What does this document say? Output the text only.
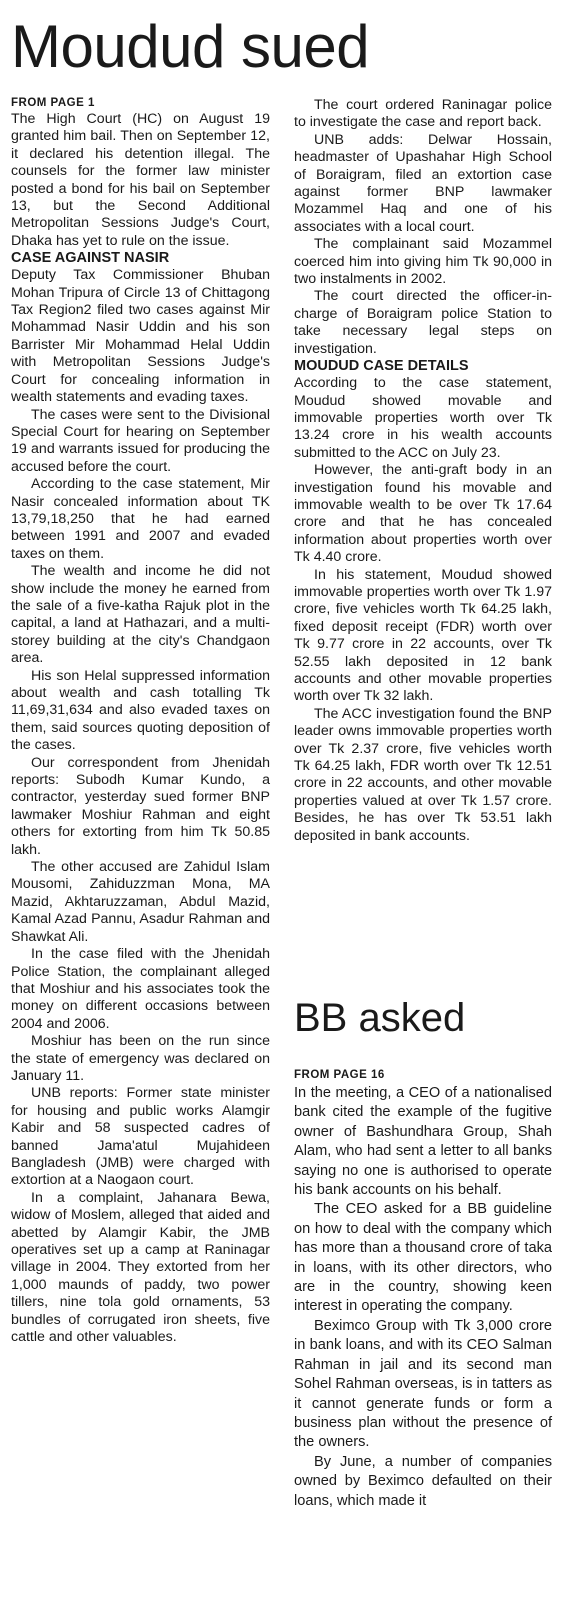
Moudud sued
FROM PAGE 1

The High Court (HC) on August 19 granted him bail. Then on September 12, it declared his detention illegal. The counsels for the former law minister posted a bond for his bail on September 13, but the Second Additional Metropolitan Sessions Judge's Court, Dhaka has yet to rule on the issue.

CASE AGAINST NASIR

Deputy Tax Commissioner Bhuban Mohan Tripura of Circle 13 of Chittagong Tax Region2 filed two cases against Mir Mohammad Nasir Uddin and his son Barrister Mir Mohammad Helal Uddin with Metropolitan Sessions Judge's Court for concealing information in wealth statements and evading taxes.

The cases were sent to the Divisional Special Court for hearing on September 19 and warrants issued for producing the accused before the court.

According to the case statement, Mir Nasir concealed information about TK 13,79,18,250 that he had earned between 1991 and 2007 and evaded taxes on them.

The wealth and income he did not show include the money he earned from the sale of a five-katha Rajuk plot in the capital, a land at Hathazari, and a multi-storey building at the city's Chandgaon area.

His son Helal suppressed information about wealth and cash totalling Tk 11,69,31,634 and also evaded taxes on them, said sources quoting deposition of the cases.

Our correspondent from Jhenidah reports: Subodh Kumar Kundo, a contractor, yesterday sued former BNP lawmaker Moshiur Rahman and eight others for extorting from him Tk 50.85 lakh.

The other accused are Zahidul Islam Mousomi, Zahiduzzman Mona, MA Mazid, Akhtaruzzaman, Abdul Mazid, Kamal Azad Pannu, Asadur Rahman and Shawkat Ali.

In the case filed with the Jhenidah Police Station, the complainant alleged that Moshiur and his associates took the money on different occasions between 2004 and 2006.

Moshiur has been on the run since the state of emergency was declared on January 11.

UNB reports: Former state minister for housing and public works Alamgir Kabir and 58 suspected cadres of banned Jama'atul Mujahideen Bangladesh (JMB) were charged with extortion at a Naogaon court.

In a complaint, Jahanara Bewa, widow of Moslem, alleged that aided and abetted by Alamgir Kabir, the JMB operatives set up a camp at Raninagar village in 2004. They extorted from her 1,000 maunds of paddy, two power tillers, nine tola gold ornaments, 53 bundles of corrugated iron sheets, five cattle and other valuables.

The court ordered Raninagar police to investigate the case and report back.

UNB adds: Delwar Hossain, headmaster of Upashahar High School of Boraigram, filed an extortion case against former BNP lawmaker Mozammel Haq and one of his associates with a local court.

The complainant said Mozammel coerced him into giving him Tk 90,000 in two instalments in 2002.

The court directed the officer-in-charge of Boraigram police Station to take necessary legal steps on investigation.

MOUDUD CASE DETAILS

According to the case statement, Moudud showed movable and immovable properties worth over Tk 13.24 crore in his wealth accounts submitted to the ACC on July 23.

However, the anti-graft body in an investigation found his movable and immovable wealth to be over Tk 17.64 crore and that he has concealed information about properties worth over Tk 4.40 crore.

In his statement, Moudud showed immovable properties worth over Tk 1.97 crore, five vehicles worth Tk 64.25 lakh, fixed deposit receipt (FDR) worth over Tk 9.77 crore in 22 accounts, over Tk 52.55 lakh deposited in 12 bank accounts and other movable properties worth over Tk 32 lakh.

The ACC investigation found the BNP leader owns immovable properties worth over Tk 2.37 crore, five vehicles worth Tk 64.25 lakh, FDR worth over Tk 12.51 crore in 22 accounts, and other movable properties valued at over Tk 1.57 crore. Besides, he has over Tk 53.51 lakh deposited in bank accounts.

BB asked
FROM PAGE 16

In the meeting, a CEO of a nationalised bank cited the example of the fugitive owner of Bashundhara Group, Shah Alam, who had sent a letter to all banks saying no one is authorised to operate his bank accounts on his behalf.

The CEO asked for a BB guideline on how to deal with the company which has more than a thousand crore of taka in loans, with its other directors, who are in the country, showing keen interest in operating the company.

Beximco Group with Tk 3,000 crore in bank loans, and with its CEO Salman Rahman in jail and its second man Sohel Rahman overseas, is in tatters as it cannot generate funds or form a business plan without the presence of the owners.

By June, a number of companies owned by Beximco defaulted on their loans, which made it
